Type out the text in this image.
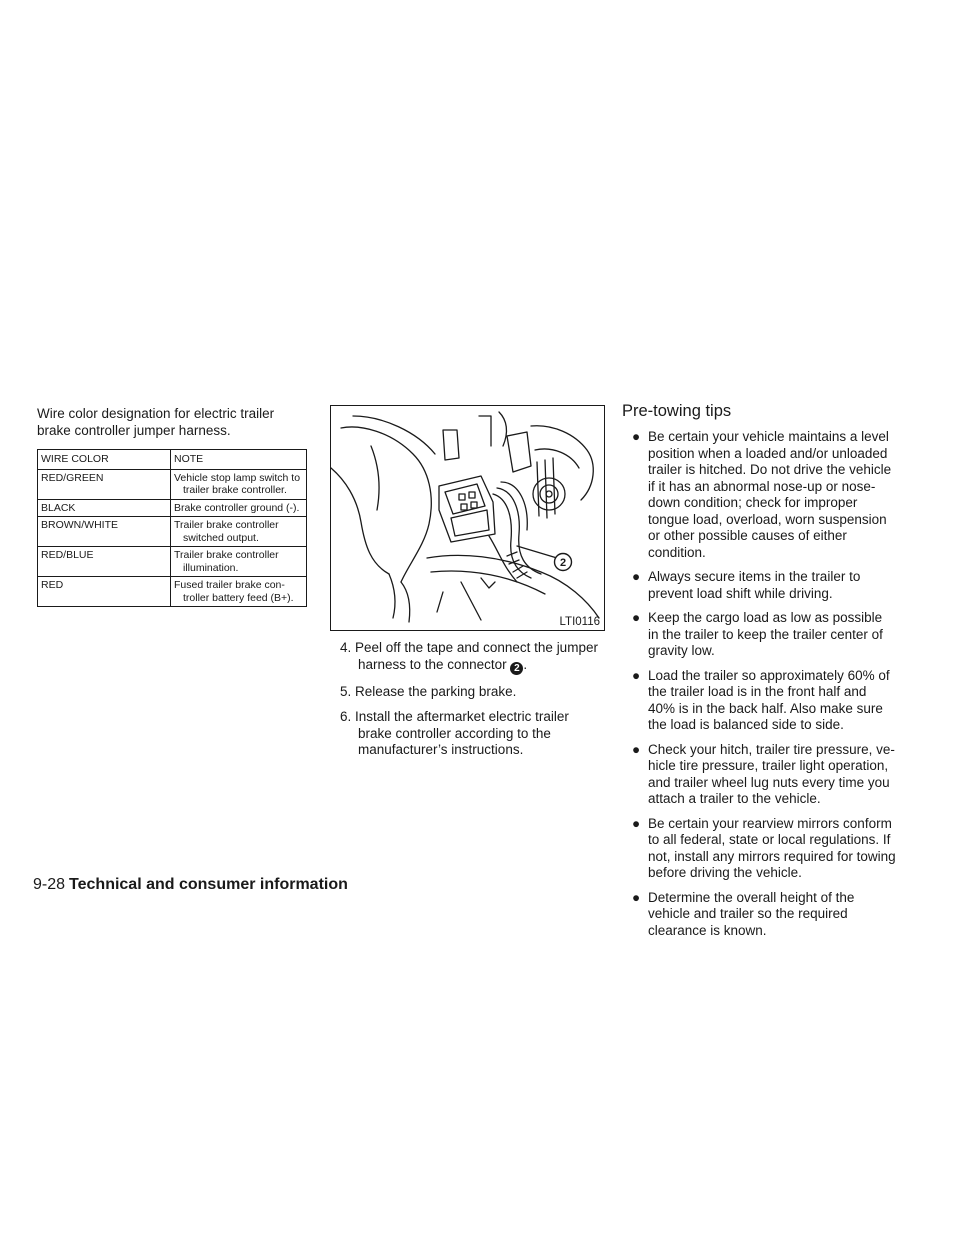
Wire color designation for electric trailer brake controller jumper harness.

WIRE COLOR	NOTE
RED/GREEN	Vehicle stop lamp switch to trailer brake controller.

BLACK	Brake controller ground (-).

BROWN/WHITE	Trailer brake controller switched output.

RED/BLUE	Trailer brake controller illumination.

RED	Fused trailer brake con- troller battery feed (B+).
2
LTI0116

4. Peel off the tape and connect the jumper harness to the connector 2 .

5. Release the parking brake.

6. Install the aftermarket electric trailer brake controller according to the manufacturer’s instructions.

Pre-towing tips
● Be certain your vehicle maintains a level position when a loaded and/or unloaded trailer is hitched. Do not drive the vehicle if it has an abnormal nose-up or nose-down condition; check for improper tongue load, overload, worn suspension or other possible causes of either condition.
● Always secure items in the trailer to prevent load shift while driving.
● Keep the cargo load as low as possible in the trailer to keep the trailer center of gravity low.
● Load the trailer so approximately 60% of the trailer load is in the front half and 40% is in the back half. Also make sure the load is balanced side to side.
● Check your hitch, trailer tire pressure, ve- hicle tire pressure, trailer light operation, and trailer wheel lug nuts every time you attach a trailer to the vehicle.
● Be certain your rearview mirrors conform to all federal, state or local regulations. If not, install any mirrors required for towing before driving the vehicle.
● Determine the overall height of the vehicle and trailer so the required clearance is known.
9-28 Technical and consumer information
